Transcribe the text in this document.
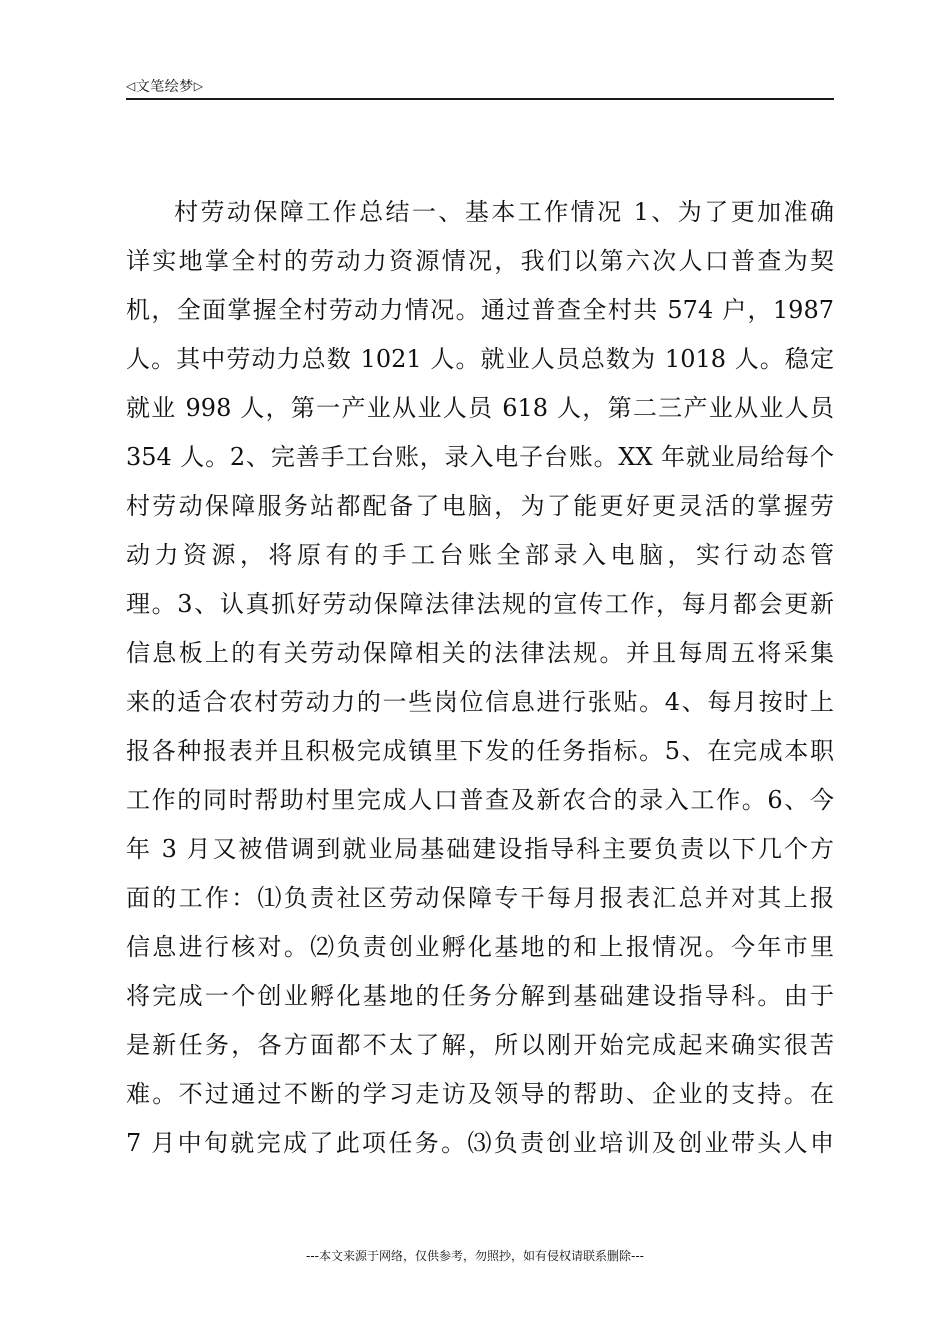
◁文笔绘梦▷
村劳动保障工作总结一、基本工作情况 1、为了更加准确
详实地掌全村的劳动力资源情况，我们以第六次人口普查为契
机，全面掌握全村劳动力情况。通过普查全村共 574 户，1987
人。其中劳动力总数 1021 人。就业人员总数为 1018 人。稳定
就业 998 人，第一产业从业人员 618 人，第二三产业从业人员
354 人。2、完善手工台账，录入电子台账。XX 年就业局给每个
村劳动保障服务站都配备了电脑，为了能更好更灵活的掌握劳
动力资源，将原有的手工台账全部录入电脑，实行动态管
理。3、认真抓好劳动保障法律法规的宣传工作，每月都会更新
信息板上的有关劳动保障相关的法律法规。并且每周五将采集
来的适合农村劳动力的一些岗位信息进行张贴。4、每月按时上
报各种报表并且积极完成镇里下发的任务指标。5、在完成本职
工作的同时帮助村里完成人口普查及新农合的录入工作。6、今
年 3 月又被借调到就业局基础建设指导科主要负责以下几个方
面的工作：⑴负责社区劳动保障专干每月报表汇总并对其上报
信息进行核对。⑵负责创业孵化基地的和上报情况。今年市里
将完成一个创业孵化基地的任务分解到基础建设指导科。由于
是新任务，各方面都不太了解，所以刚开始完成起来确实很苦
难。不过通过不断的学习走访及领导的帮助、企业的支持。在
7 月中旬就完成了此项任务。⑶负责创业培训及创业带头人申
---本文来源于网络，仅供参考，勿照抄，如有侵权请联系删除---
